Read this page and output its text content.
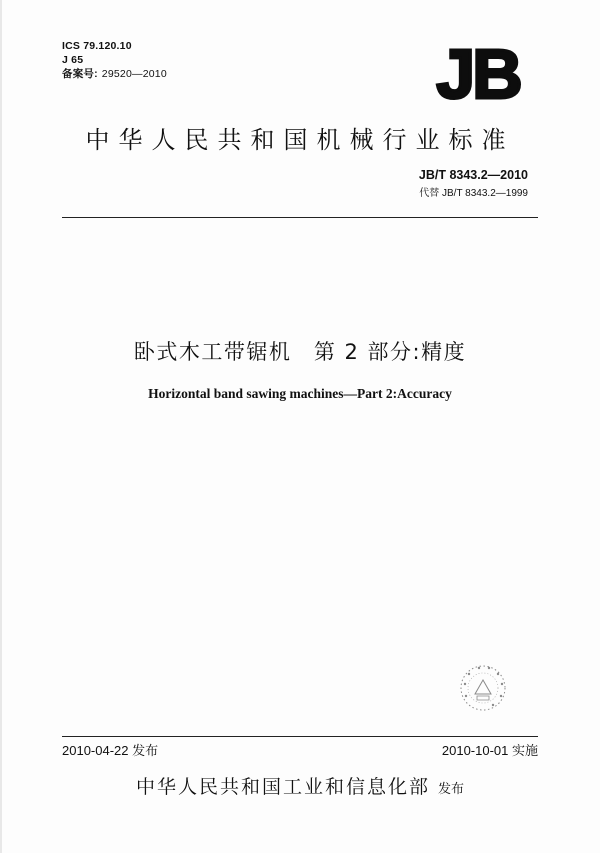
ICS 79.120.10
J 65
备案号: 29520—2010	JB
中华人民共和国机械行业标准
JB/T 8343.2—2010
代替 JB/T 8343.2—1999
卧式木工带锯机　第 2 部分:精度
Horizontal band sawing machines—Part 2:Accuracy
2010-04-22 发布	2010-10-01 实施
中华人民共和国工业和信息化部 发布
